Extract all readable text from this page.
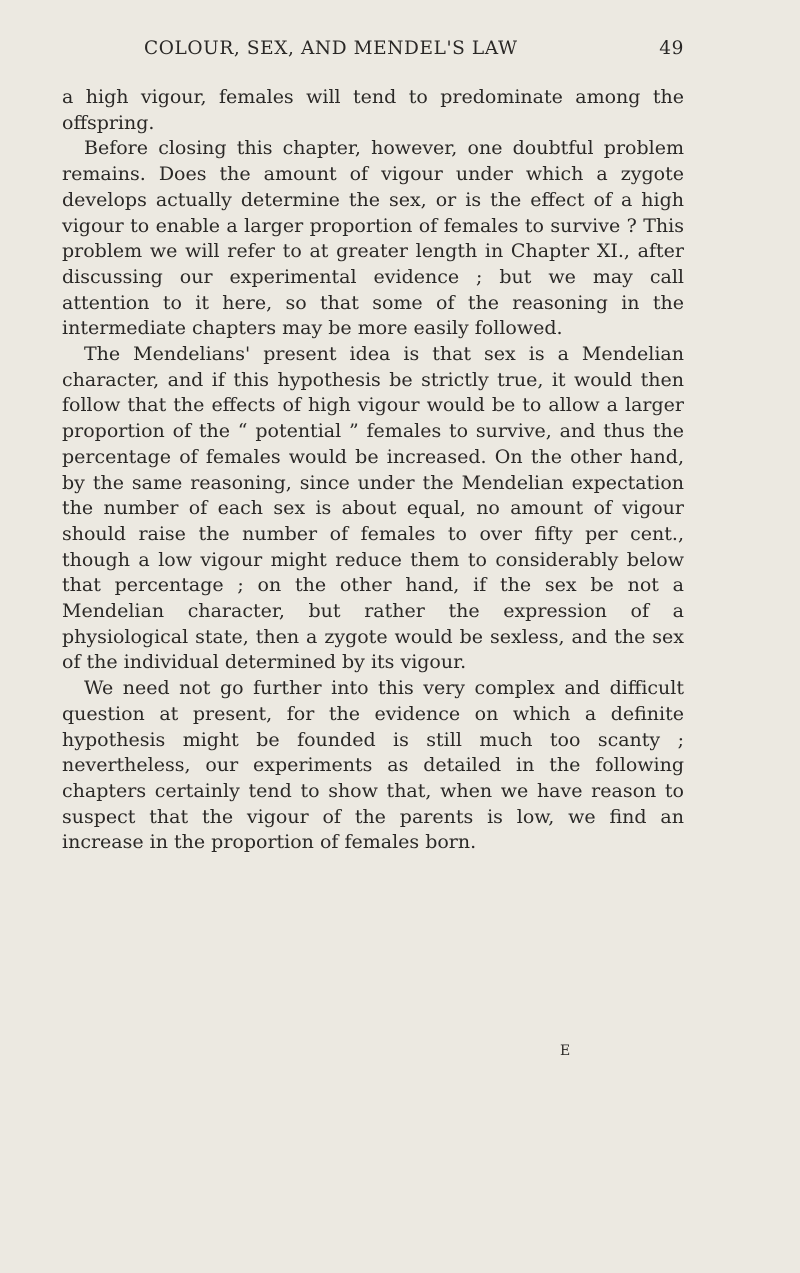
COLOUR, SEX, AND MENDEL'S LAW	49

a high vigour, females will tend to predominate among the offspring.

Before closing this chapter, however, one doubtful problem remains. Does the amount of vigour under which a zygote develops actually determine the sex, or is the effect of a high vigour to enable a larger proportion of females to survive ? This problem we will refer to at greater length in Chapter XI., after discussing our experimental evidence ; but we may call attention to it here, so that some of the reasoning in the intermediate chapters may be more easily followed.

The Mendelians' present idea is that sex is a Mendelian character, and if this hypothesis be strictly true, it would then follow that the effects of high vigour would be to allow a larger proportion of the “ potential ” females to survive, and thus the percentage of females would be increased. On the other hand, by the same reasoning, since under the Mendelian expectation the number of each sex is about equal, no amount of vigour should raise the number of females to over fifty per cent., though a low vigour might reduce them to considerably below that percentage ; on the other hand, if the sex be not a Mendelian character, but rather the expression of a physiological state, then a zygote would be sexless, and the sex of the individual determined by its vigour.

We need not go further into this very complex and difficult question at present, for the evidence on which a definite hypothesis might be founded is still much too scanty ; nevertheless, our experiments as detailed in the following chapters certainly tend to show that, when we have reason to suspect that the vigour of the parents is low, we find an increase in the proportion of females born.

E
